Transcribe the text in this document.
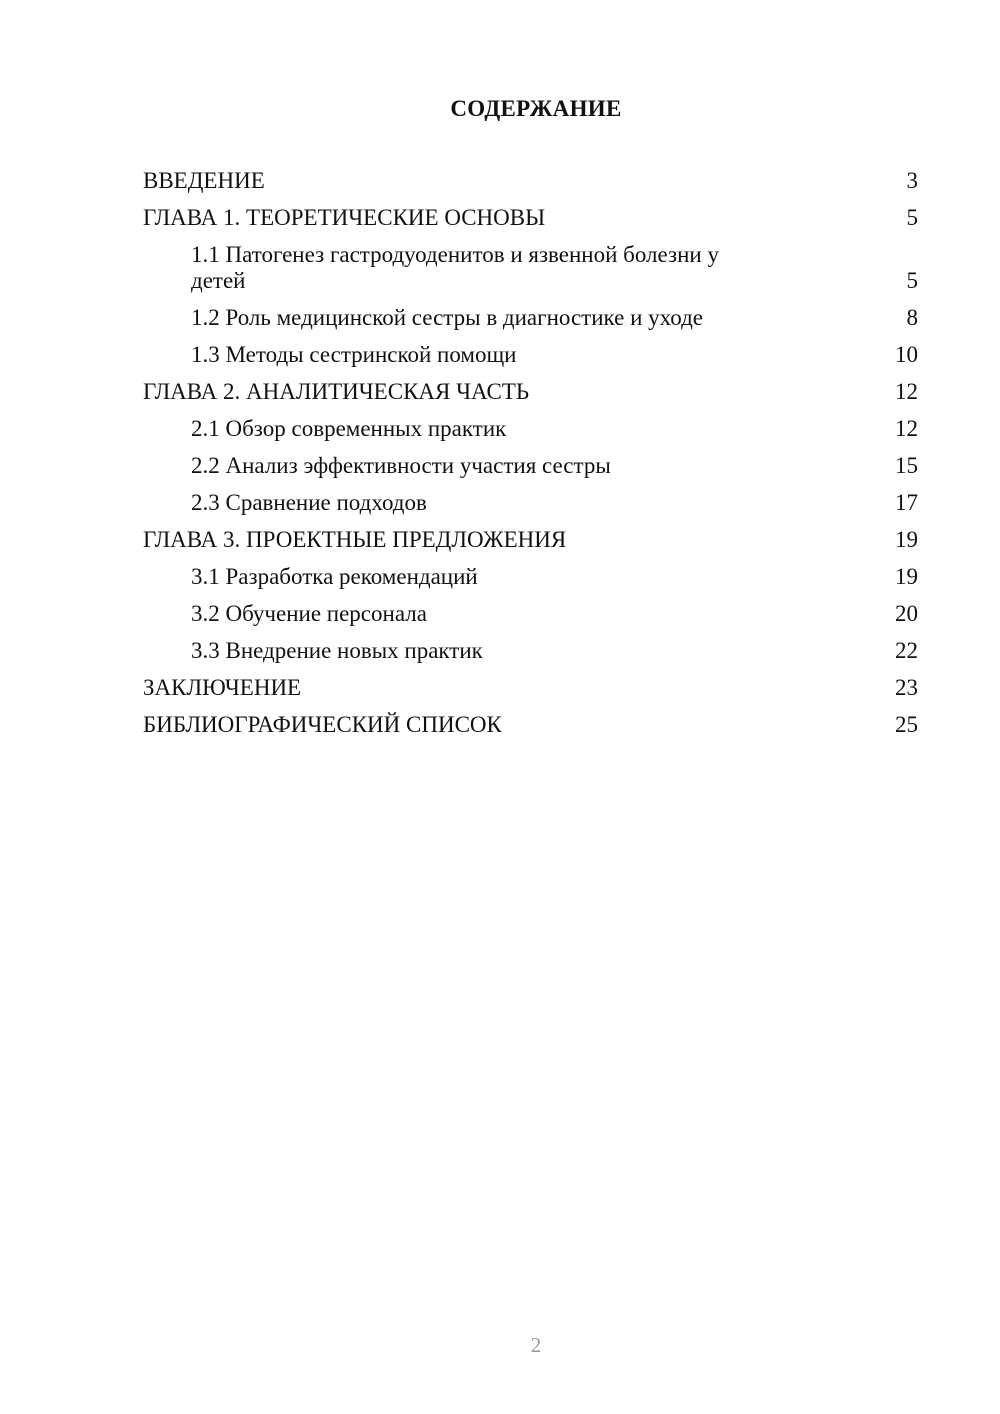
СОДЕРЖАНИЕ
ВВЕДЕНИЕ	3
ГЛАВА 1. ТЕОРЕТИЧЕСКИЕ ОСНОВЫ	5
1.1 Патогенез гастродуоденитов и язвенной болезни у детей	5
1.2 Роль медицинской сестры в диагностике и уходе	8
1.3 Методы сестринской помощи	10
ГЛАВА 2. АНАЛИТИЧЕСКАЯ ЧАСТЬ	12
2.1 Обзор современных практик	12
2.2 Анализ эффективности участия сестры	15
2.3 Сравнение подходов	17
ГЛАВА 3. ПРОЕКТНЫЕ ПРЕДЛОЖЕНИЯ	19
3.1 Разработка рекомендаций	19
3.2 Обучение персонала	20
3.3 Внедрение новых практик	22
ЗАКЛЮЧЕНИЕ	23
БИБЛИОГРАФИЧЕСКИЙ СПИСОК	25
2
